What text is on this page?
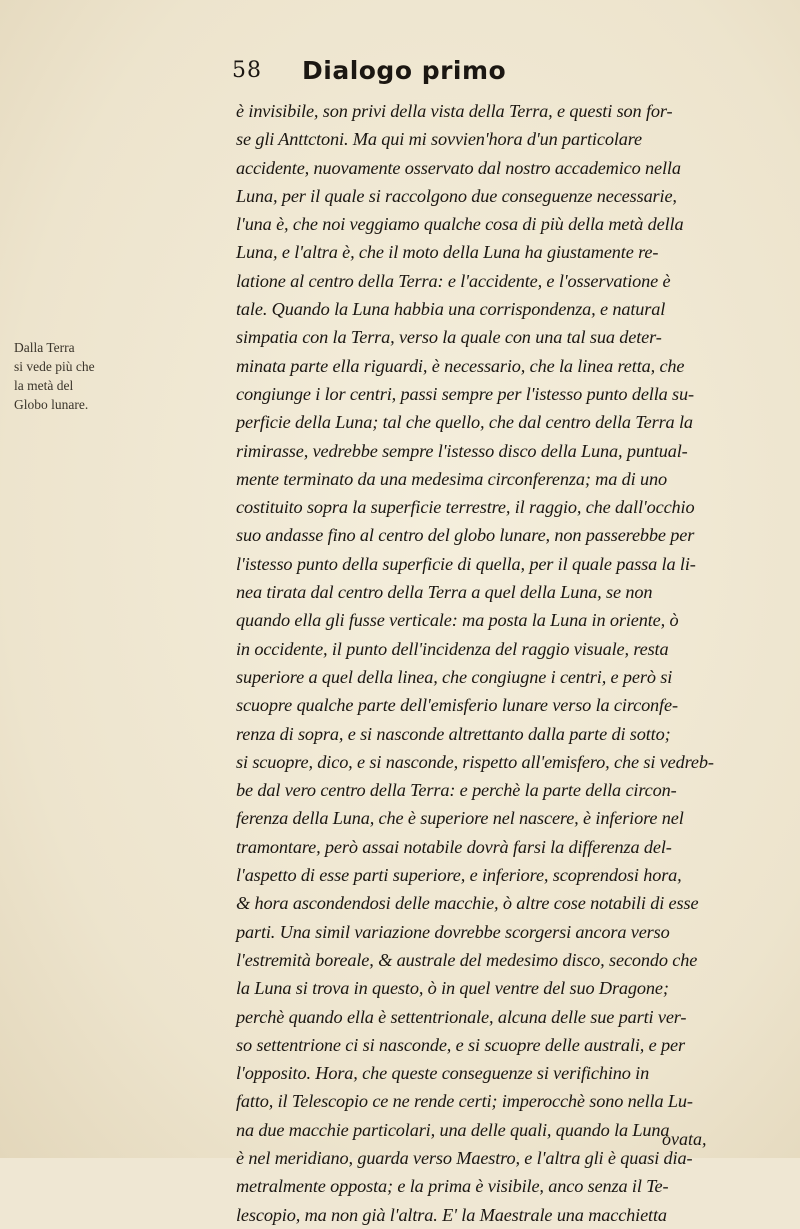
58 Dialogo primo
Dalla Terra
si vede più che
la metà del
Globo lunare.
è invisibile, son privi della vista della Terra, e questi son for-
se gli Anttctoni. Ma qui mi sovvien'hora d'un particolare
accidente, nuovamente osservato dal nostro accademico nella
Luna, per il quale si raccolgono due conseguenze necessarie,
l'una è, che noi veggiamo qualche cosa di più della metà della
Luna, e l'altra è, che il moto della Luna ha giustamente re-
latione al centro della Terra: e l'accidente, e l'osservatione è
tale. Quando la Luna habbia una corrispondenza, e natural
simpatia con la Terra, verso la quale con una tal sua deter-
minata parte ella riguardi, è necessario, che la linea retta, che
congiunge i lor centri, passi sempre per l'istesso punto della su-
perficie della Luna; tal che quello, che dal centro della Terra la
rimirasse, vedrebbe sempre l'istesso disco della Luna, puntual-
mente terminato da una medesima circonferenza; ma di uno
costituito sopra la superficie terrestre, il raggio, che dall'occhio
suo andasse fino al centro del globo lunare, non passerebbe per
l'istesso punto della superficie di quella, per il quale passa la li-
nea tirata dal centro della Terra a quel della Luna, se non
quando ella gli fusse verticale: ma posta la Luna in oriente, ò
in occidente, il punto dell'incidenza del raggio visuale, resta
superiore a quel della linea, che congiugne i centri, e però si
scuopre qualche parte dell'emisferio lunare verso la circonfe-
renza di sopra, e si nasconde altrettanto dalla parte di sotto;
si scuopre, dico, e si nasconde, rispetto all'emisfero, che si vedreb-
be dal vero centro della Terra: e perchè la parte della circon-
ferenza della Luna, che è superiore nel nascere, è inferiore nel
tramontare, però assai notabile dovrà farsi la differenza del-
l'aspetto di esse parti superiore, e inferiore, scoprendosi hora,
& hora ascondendosi delle macchie, ò altre cose notabili di esse
parti. Una simil variazione dovrebbe scorgersi ancora verso
l'estremità boreale, & australe del medesimo disco, secondo che
la Luna si trova in questo, ò in quel ventre del suo Dragone;
perchè quando ella è settentrionale, alcuna delle sue parti ver-
so settentrione ci si nasconde, e si scuopre delle australi, e per
l'opposito. Hora, che queste conseguenze si verifichino in
fatto, il Telescopio ce ne rende certi; imperocchè sono nella Lu-
na due macchie particolari, una delle quali, quando la Luna
è nel meridiano, guarda verso Maestro, e l'altra gli è quasi dia-
metralmente opposta; e la prima è visibile, anco senza il Te-
lescopio, ma non già l'altra. E' la Maestrale una macchietta
ovata,
